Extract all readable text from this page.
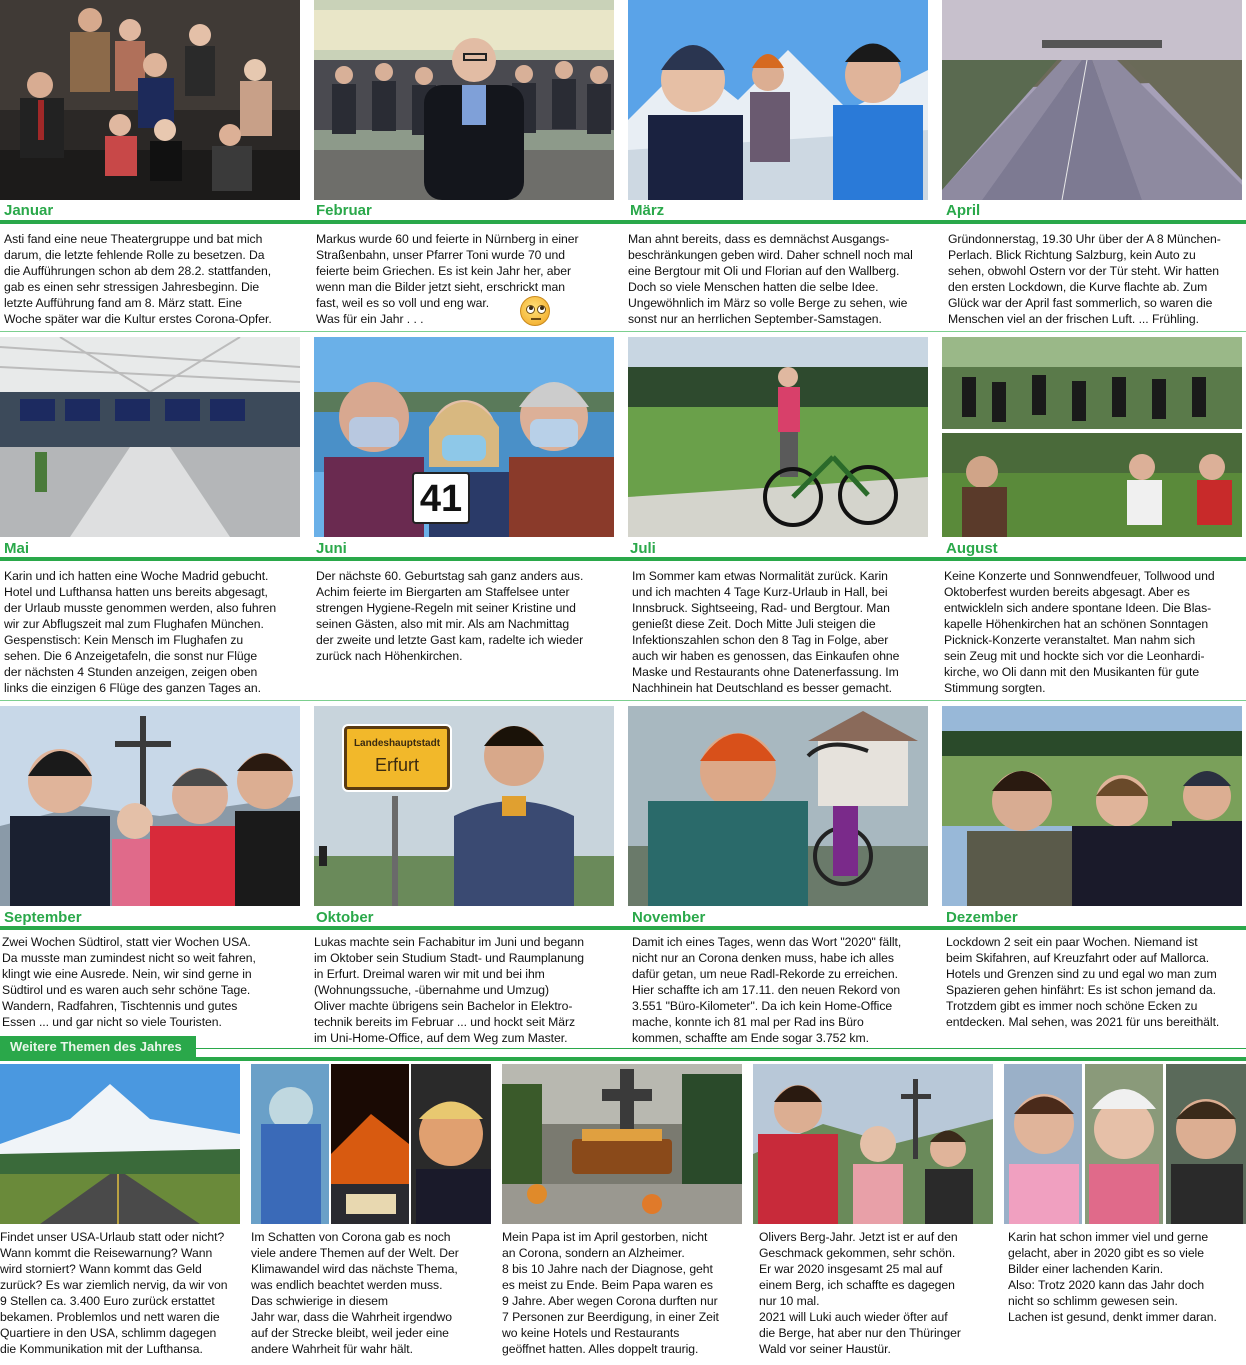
Januar	Februar	März	April
Asti fand eine neue Theatergruppe und bat mich
darum, die letzte fehlende Rolle zu besetzen. Da
die Aufführungen schon ab dem 28.2. stattfanden,
gab es einen sehr stressigen Jahresbeginn. Die
letzte Aufführung fand am 8. März statt. Eine
Woche später war die Kultur erstes Corona-Opfer.
Markus wurde 60 und feierte in Nürnberg in einer
Straßenbahn, unser Pfarrer Toni wurde 70 und
feierte beim Griechen. Es ist kein Jahr her, aber
wenn man die Bilder jetzt sieht, erschrickt man
fast, weil es so voll und eng war.
Was für ein Jahr . . .
Man ahnt bereits, dass es demnächst Ausgangs-
beschränkungen geben wird. Daher schnell noch mal
eine Bergtour mit Oli und Florian auf den Wallberg.
Doch so viele Menschen hatten die selbe Idee.
Ungewöhnlich im März so volle Berge zu sehen, wie
sonst nur an herrlichen September-Samstagen.
Gründonnerstag, 19.30 Uhr über der A 8 München-
Perlach. Blick Richtung Salzburg, kein Auto zu
sehen, obwohl Ostern vor der Tür steht. Wir hatten
den ersten Lockdown, die Kurve flachte ab. Zum
Glück war der April fast sommerlich, so waren die
Menschen viel an der frischen Luft. ... Frühling.
41
Mai	Juni	Juli	August
Karin und ich hatten eine Woche Madrid gebucht.
Hotel und Lufthansa hatten uns bereits abgesagt,
der Urlaub musste genommen werden, also fuhren
wir zur Abflugszeit mal zum Flughafen München.
Gespenstisch: Kein Mensch im Flughafen zu
sehen. Die 6 Anzeigetafeln, die sonst nur Flüge
der nächsten 4 Stunden anzeigen, zeigen oben
links die einzigen 6 Flüge des ganzen Tages an.
Der nächste 60. Geburtstag sah ganz anders aus.
Achim feierte im Biergarten am Staffelsee unter
strengen Hygiene-Regeln mit seiner Kristine und
seinen Gästen, also mit mir. Als am Nachmittag
der zweite und letzte Gast kam, radelte ich wieder
zurück nach Höhenkirchen.
Im Sommer kam etwas Normalität zurück. Karin
und ich machten 4 Tage Kurz-Urlaub in Hall, bei
Innsbruck. Sightseeing, Rad- und Bergtour. Man
genießt diese Zeit. Doch Mitte Juli steigen die
Infektionszahlen schon den 8 Tag in Folge, aber
auch wir haben es genossen, das Einkaufen ohne
Maske und Restaurants ohne Datenerfassung. Im
Nachhinein hat Deutschland es besser gemacht.
Keine Konzerte und Sonnwendfeuer, Tollwood und
Oktoberfest wurden bereits abgesagt. Aber es
entwickleln sich andere spontane Ideen. Die Blas-
kapelle Höhenkirchen hat an schönen Sonntagen
Picknick-Konzerte veranstaltet. Man nahm sich
sein Zeug mit und hockte sich vor die Leonhardi-
kirche, wo Oli dann mit den Musikanten für gute
Stimmung sorgten.
Landeshauptstadt
Erfurt
September	Oktober	November	Dezember
Zwei Wochen Südtirol, statt vier Wochen USA.
Da musste man zumindest nicht so weit fahren,
klingt wie eine Ausrede. Nein, wir sind gerne in
Südtirol und es waren auch sehr schöne Tage.
Wandern, Radfahren, Tischtennis und gutes
Essen ... und gar nicht so viele Touristen.
Lukas machte sein Fachabitur im Juni und begann
im Oktober sein Studium Stadt- und Raumplanung
in Erfurt. Dreimal waren wir mit und bei ihm
(Wohnungssuche, -übernahme und Umzug)
Oliver machte übrigens sein Bachelor in Elektro-
technik bereits im Februar ... und hockt seit März
im Uni-Home-Office, auf dem Weg zum Master.
Damit ich eines Tages, wenn das Wort "2020" fällt,
nicht nur an Corona denken muss, habe ich alles
dafür getan, um neue Radl-Rekorde zu erreichen.
Hier schaffte ich am 17.11. den neuen Rekord von
3.551 "Büro-Kilometer". Da ich kein Home-Office
mache, konnte ich 81 mal per Rad ins Büro
kommen, schaffte am Ende sogar 3.752 km.
Lockdown 2 seit ein paar Wochen. Niemand ist
beim Skifahren, auf Kreuzfahrt oder auf Mallorca.
Hotels und Grenzen sind zu und egal wo man zum
Spazieren gehen hinfährt: Es ist schon jemand da.
Trotzdem gibt es immer noch schöne Ecken zu
entdecken. Mal sehen, was 2021 für uns bereithält.
Weitere Themen des Jahres
Findet unser USA-Urlaub statt oder nicht?
Wann kommt die Reisewarnung? Wann
wird storniert? Wann kommt das Geld
zurück? Es war ziemlich nervig, da wir von
9 Stellen ca. 3.400 Euro zurück erstattet
bekamen. Problemlos und nett waren die
Quartiere in den USA, schlimm dagegen
die Kommunikation mit der Lufthansa.
Im Schatten von Corona gab es noch
viele andere Themen auf der Welt. Der
Klimawandel wird das nächste Thema,
was endlich beachtet werden muss.
Das schwierige in diesem
Jahr war, dass die Wahrheit irgendwo
auf der Strecke bleibt, weil jeder eine
andere Wahrheit für wahr hält.
Mein Papa ist im April gestorben, nicht
an Corona, sondern an Alzheimer.
8 bis 10 Jahre nach der Diagnose, geht
es meist zu Ende. Beim Papa waren es
9 Jahre. Aber wegen Corona durften nur
7 Personen zur Beerdigung, in einer Zeit
wo keine Hotels und Restaurants
geöffnet hatten. Alles doppelt traurig.
Olivers Berg-Jahr. Jetzt ist er auf den
Geschmack gekommen, sehr schön.
Er war 2020 insgesamt 25 mal auf
einem Berg, ich schaffte es dagegen
nur 10 mal.
2021 will Luki auch wieder öfter auf
die Berge, hat aber nur den Thüringer
Wald vor seiner Haustür.
Karin hat schon immer viel und gerne
gelacht, aber in 2020 gibt es so viele
Bilder einer lachenden Karin.
Also: Trotz 2020 kann das Jahr doch
nicht so schlimm gewesen sein.
Lachen ist gesund, denkt immer daran.
